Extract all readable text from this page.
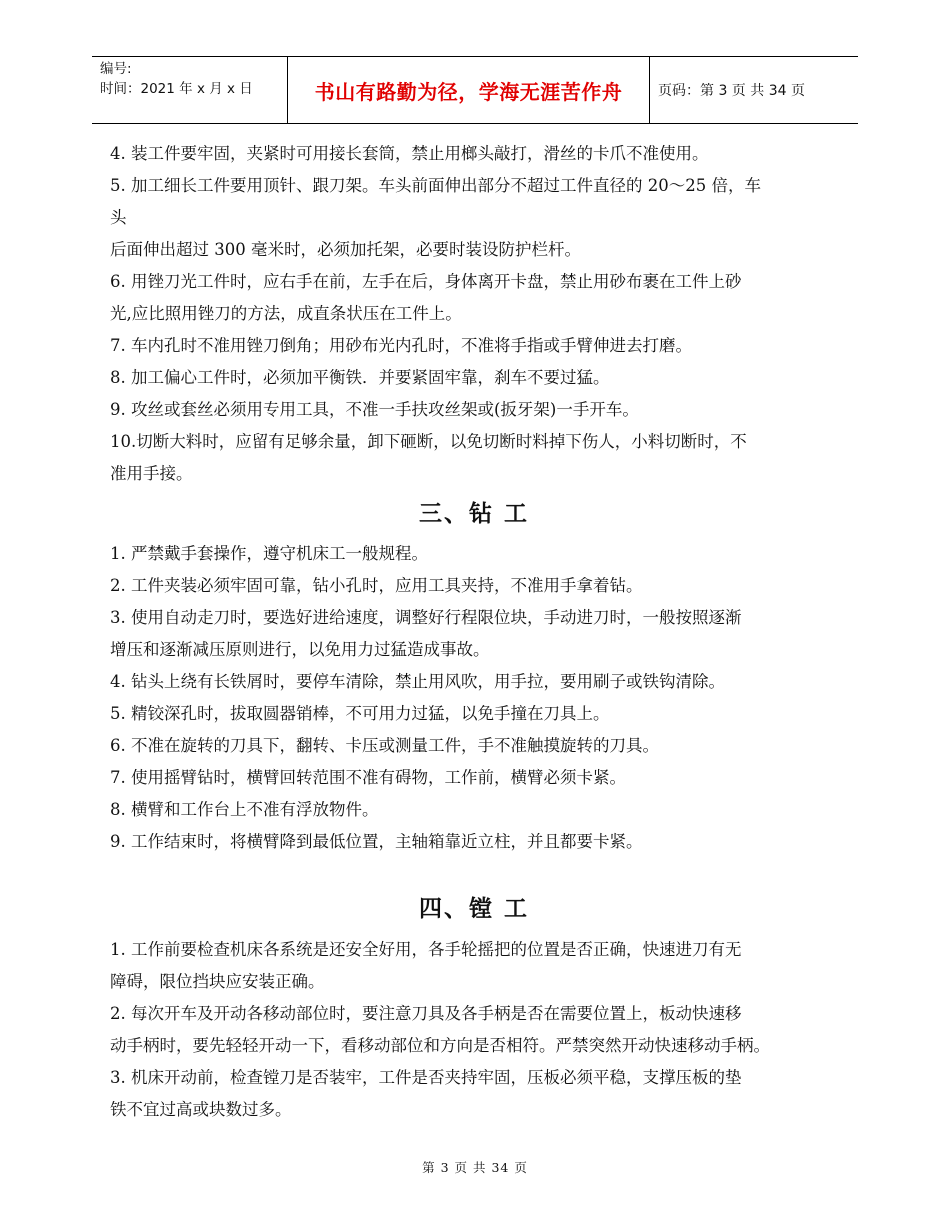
编号:
时间：2021 年 x 月 x 日	书山有路勤为径，学海无涯苦作舟	页码：第 3 页 共 34 页

4. 装工件要牢固，夹紧时可用接长套筒，禁止用榔头敲打，滑丝的卡爪不准使用。

5. 加工细长工件要用顶针、跟刀架。车头前面伸出部分不超过工件直径的 20～25 倍，车

头

后面伸出超过 300 毫米时，必须加托架，必要时装设防护栏杆。

6. 用锉刀光工件时，应右手在前，左手在后，身体离开卡盘，禁止用砂布裹在工件上砂

光,应比照用锉刀的方法，成直条状压在工件上。

7. 车内孔时不准用锉刀倒角；用砂布光内孔时，不准将手指或手臂伸进去打磨。

8. 加工偏心工件时，必须加平衡铁．并要紧固牢靠，刹车不要过猛。

9. 攻丝或套丝必须用专用工具，不准一手扶攻丝架或(扳牙架)一手开车。

10.切断大料时，应留有足够余量，卸下砸断，以免切断时料掉下伤人，小料切断时，不

准用手接。

三、钻 工

1. 严禁戴手套操作，遵守机床工一般规程。

2. 工件夹装必须牢固可靠，钻小孔时，应用工具夹持，不准用手拿着钻。

3. 使用自动走刀时，要选好进给速度，调整好行程限位块，手动进刀时，一般按照逐渐

增压和逐渐减压原则进行，以免用力过猛造成事故。

4. 钻头上绕有长铁屑时，要停车清除，禁止用风吹，用手拉，要用刷子或铁钩清除。

5. 精铰深孔时，拔取圆器销棒，不可用力过猛，以免手撞在刀具上。

6. 不准在旋转的刀具下，翻转、卡压或测量工件，手不准触摸旋转的刀具。

7. 使用摇臂钻时，横臂回转范围不准有碍物，工作前，横臂必须卡紧。

8. 横臂和工作台上不准有浮放物件。

9. 工作结束时，将横臂降到最低位置，主轴箱靠近立柱，并且都要卡紧。

四、镗 工

1. 工作前要检查机床各系统是还安全好用，各手轮摇把的位置是否正确，快速进刀有无

障碍，限位挡块应安装正确。

2. 每次开车及开动各移动部位时，要注意刀具及各手柄是否在需要位置上，板动快速移

动手柄时，要先轻轻开动一下，看移动部位和方向是否相符。严禁突然开动快速移动手柄。

3. 机床开动前，检查镗刀是否装牢，工件是否夹持牢固，压板必须平稳，支撑压板的垫

铁不宜过高或块数过多。

第 3 页 共 34 页
